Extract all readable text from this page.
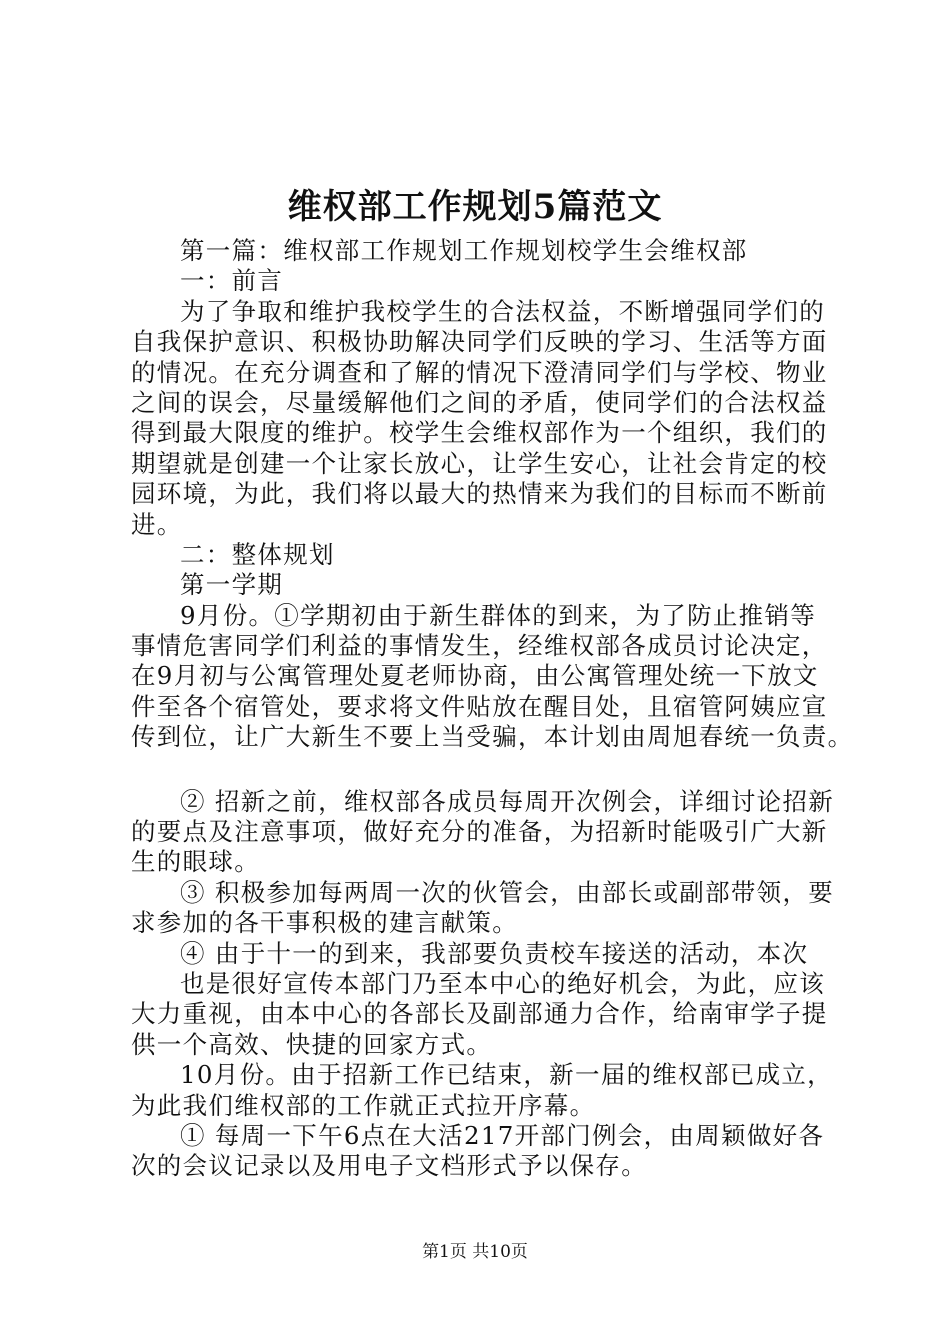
维权部工作规划5篇范文
第一篇：维权部工作规划工作规划校学生会维权部
一：前言
为了争取和维护我校学生的合法权益，不断增强同学们的
自我保护意识、积极协助解决同学们反映的学习、生活等方面
的情况。在充分调查和了解的情况下澄清同学们与学校、物业
之间的误会，尽量缓解他们之间的矛盾，使同学们的合法权益
得到最大限度的维护。校学生会维权部作为一个组织，我们的
期望就是创建一个让家长放心，让学生安心，让社会肯定的校
园环境，为此，我们将以最大的热情来为我们的目标而不断前
进。
二：整体规划
第一学期
9月份。①学期初由于新生群体的到来，为了防止推销等
事情危害同学们利益的事情发生，经维权部各成员讨论决定，
在9月初与公寓管理处夏老师协商，由公寓管理处统一下放文
件至各个宿管处，要求将文件贴放在醒目处，且宿管阿姨应宣
传到位，让广大新生不要上当受骗，本计划由周旭春统一负责。
② 招新之前，维权部各成员每周开次例会，详细讨论招新
的要点及注意事项，做好充分的准备，为招新时能吸引广大新
生的眼球。
③ 积极参加每两周一次的伙管会，由部长或副部带领，要
求参加的各干事积极的建言献策。
④ 由于十一的到来，我部要负责校车接送的活动，本次
也是很好宣传本部门乃至本中心的绝好机会，为此，应该
大力重视，由本中心的各部长及副部通力合作，给南审学子提
供一个高效、快捷的回家方式。
10月份。由于招新工作已结束，新一届的维权部已成立，
为此我们维权部的工作就正式拉开序幕。
① 每周一下午6点在大活217开部门例会，由周颖做好各
次的会议记录以及用电子文档形式予以保存。
第1页 共10页
